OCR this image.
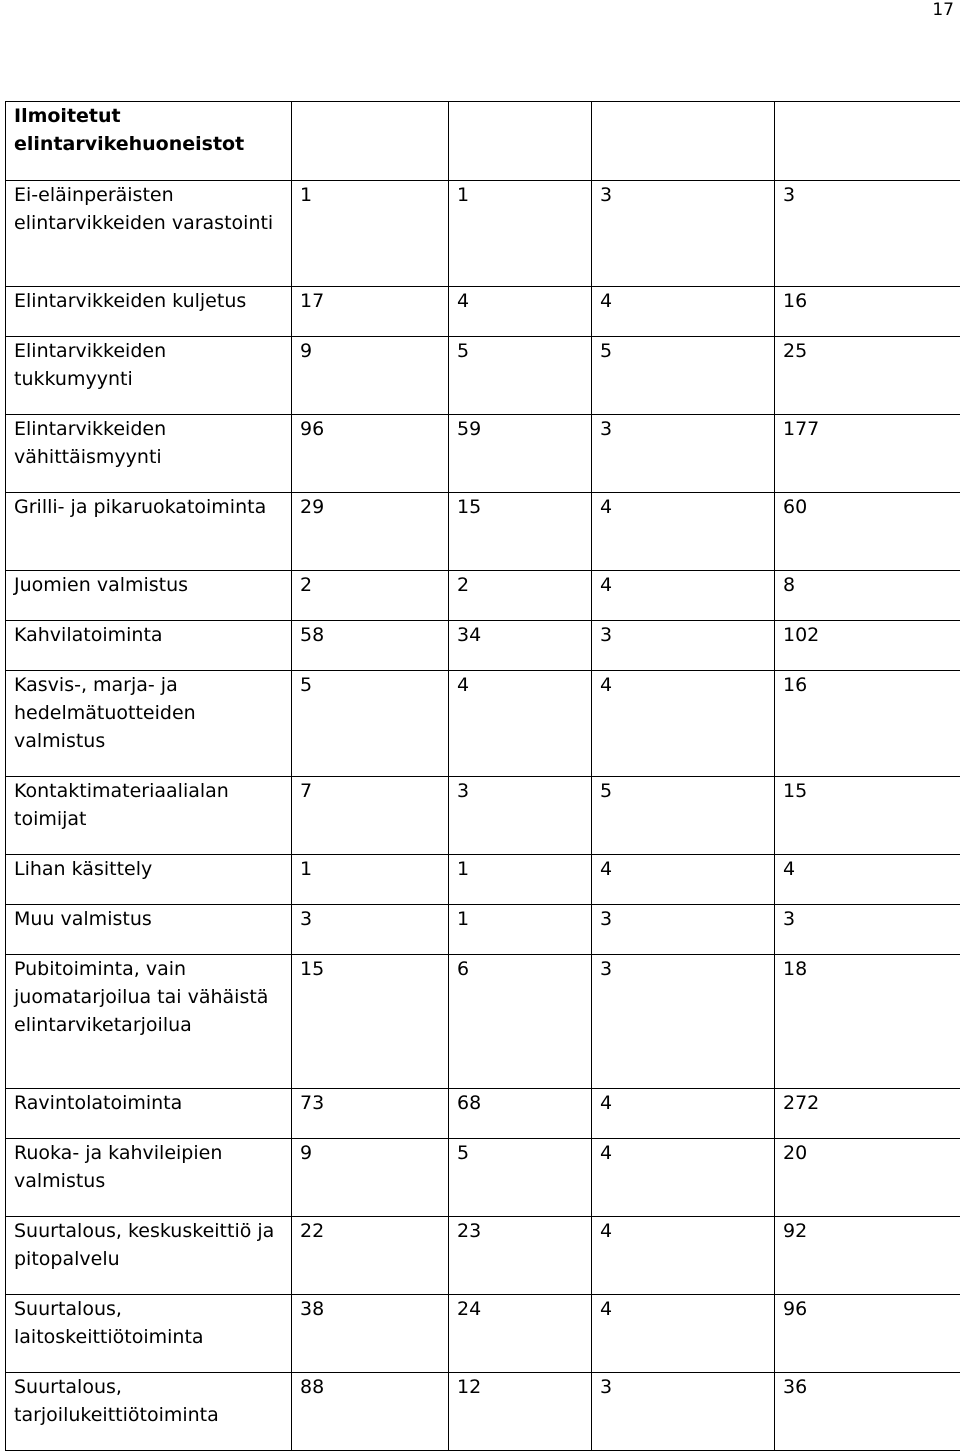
17
Ilmoitetut elintarvikehuoneistot				
Ei-eläinperäisten elintarvikkeiden varastointi	1	1	3	3
Elintarvikkeiden kuljetus	17	4	4	16
Elintarvikkeiden tukkumyynti	9	5	5	25
Elintarvikkeiden vähittäismyynti	96	59	3	177
Grilli- ja pikaruokatoiminta	29	15	4	60
Juomien valmistus	2	2	4	8
Kahvilatoiminta	58	34	3	102
Kasvis-, marja- ja hedelmätuotteiden valmistus	5	4	4	16
Kontaktimateriaalialan toimijat	7	3	5	15
Lihan käsittely	1	1	4	4
Muu valmistus	3	1	3	3
Pubitoiminta, vain juomatarjoilua tai vähäistä elintarviketarjoilua	15	6	3	18
Ravintolatoiminta	73	68	4	272
Ruoka- ja kahvileipien valmistus	9	5	4	20
Suurtalous, keskuskeittiö ja pitopalvelu	22	23	4	92
Suurtalous, laitoskeittiötoiminta	38	24	4	96
Suurtalous, tarjoilukeittiötoiminta	88	12	3	36
